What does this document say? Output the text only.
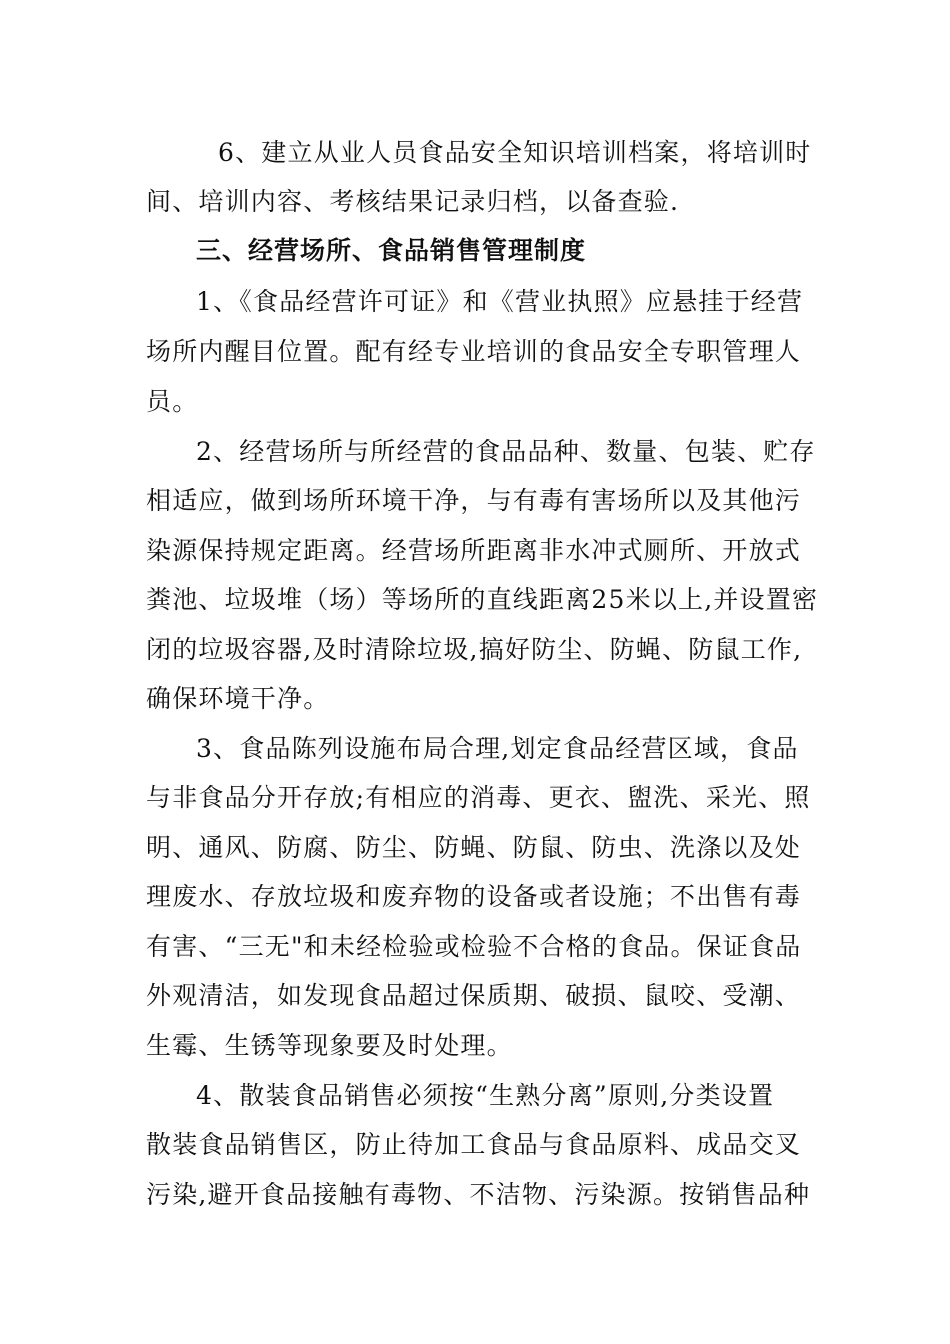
6、建立从业人员食品安全知识培训档案，将培训时
间、培训内容、考核结果记录归档，以备查验.
三、经营场所、食品销售管理制度
1、《食品经营许可证》和《营业执照》应悬挂于经营
场所内醒目位置。配有经专业培训的食品安全专职管理人
员。
2、经营场所与所经营的食品品种、数量、包装、贮存
相适应，做到场所环境干净，与有毒有害场所以及其他污
染源保持规定距离。经营场所距离非水冲式厕所、开放式
粪池、垃圾堆（场）等场所的直线距离25米以上,并设置密
闭的垃圾容器,及时清除垃圾,搞好防尘、防蝇、防鼠工作,
确保环境干净。
3、食品陈列设施布局合理,划定食品经营区域，食品
与非食品分开存放;有相应的消毒、更衣、盥洗、采光、照
明、通风、防腐、防尘、防蝇、防鼠、防虫、洗涤以及处
理废水、存放垃圾和废弃物的设备或者设施；不出售有毒
有害、“三无"和未经检验或检验不合格的食品。保证食品
外观清洁，如发现食品超过保质期、破损、鼠咬、受潮、
生霉、生锈等现象要及时处理。
4、散装食品销售必须按“生熟分离”原则,分类设置
散装食品销售区，防止待加工食品与食品原料、成品交叉
污染,避开食品接触有毒物、不洁物、污染源。按销售品种
